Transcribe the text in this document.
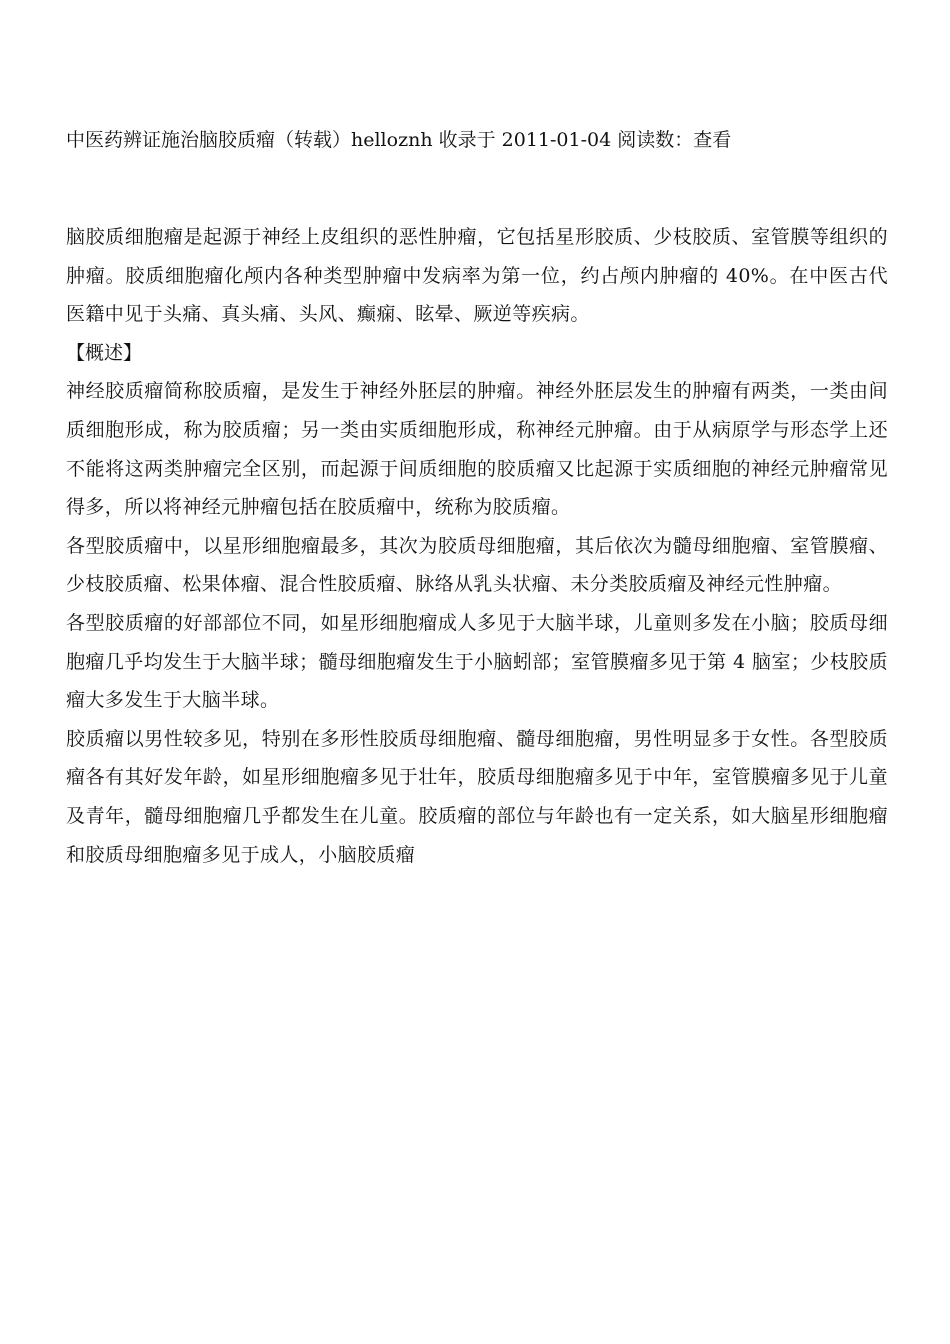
中医药辨证施治脑胶质瘤（转载）helloznh 收录于 2011-01-04 阅读数：查看

脑胶质细胞瘤是起源于神经上皮组织的恶性肿瘤，它包括星形胶质、少枝胶质、室管膜等组织的肿瘤。胶质细胞瘤化颅内各种类型肿瘤中发病率为第一位，约占颅内肿瘤的 40%。在中医古代医籍中见于头痛、真头痛、头风、癫痫、眩晕、厥逆等疾病。

【概述】

神经胶质瘤简称胶质瘤，是发生于神经外胚层的肿瘤。神经外胚层发生的肿瘤有两类，一类由间质细胞形成，称为胶质瘤；另一类由实质细胞形成，称神经元肿瘤。由于从病原学与形态学上还不能将这两类肿瘤完全区别，而起源于间质细胞的胶质瘤又比起源于实质细胞的神经元肿瘤常见得多，所以将神经元肿瘤包括在胶质瘤中，统称为胶质瘤。

各型胶质瘤中，以星形细胞瘤最多，其次为胶质母细胞瘤，其后依次为髓母细胞瘤、室管膜瘤、少枝胶质瘤、松果体瘤、混合性胶质瘤、脉络从乳头状瘤、未分类胶质瘤及神经元性肿瘤。

各型胶质瘤的好部部位不同，如星形细胞瘤成人多见于大脑半球，儿童则多发在小脑；胶质母细胞瘤几乎均发生于大脑半球；髓母细胞瘤发生于小脑蚓部；室管膜瘤多见于第 4 脑室；少枝胶质瘤大多发生于大脑半球。

胶质瘤以男性较多见，特别在多形性胶质母细胞瘤、髓母细胞瘤，男性明显多于女性。各型胶质瘤各有其好发年龄，如星形细胞瘤多见于壮年，胶质母细胞瘤多见于中年，室管膜瘤多见于儿童及青年，髓母细胞瘤几乎都发生在儿童。胶质瘤的部位与年龄也有一定关系，如大脑星形细胞瘤和胶质母细胞瘤多见于成人，小脑胶质瘤
